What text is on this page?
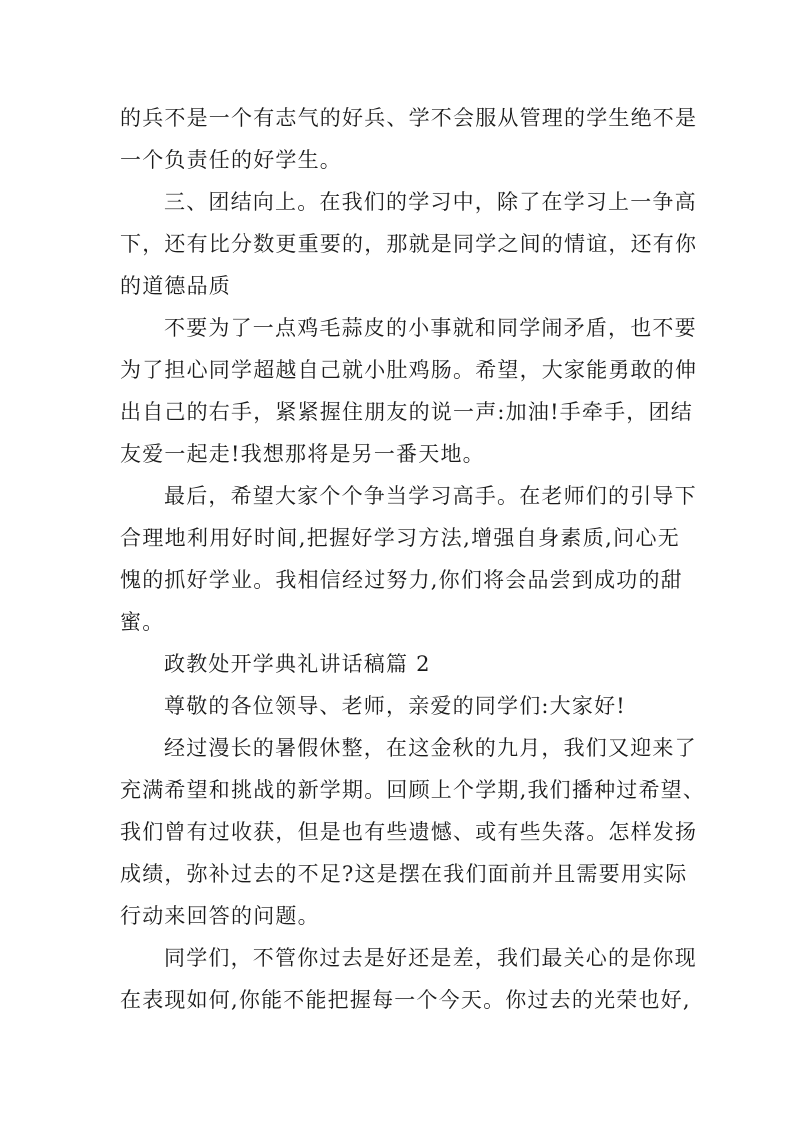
的兵不是一个有志气的好兵、学不会服从管理的学生绝不是
一个负责任的好学生。
三、团结向上。在我们的学习中，除了在学习上一争高
下，还有比分数更重要的，那就是同学之间的情谊，还有你
的道德品质
不要为了一点鸡毛蒜皮的小事就和同学闹矛盾，也不要
为了担心同学超越自己就小肚鸡肠。希望，大家能勇敢的伸
出自己的右手，紧紧握住朋友的说一声:加油!手牵手，团结
友爱一起走!我想那将是另一番天地。
最后，希望大家个个争当学习高手。在老师们的引导下
合理地利用好时间,把握好学习方法,增强自身素质,问心无
愧的抓好学业。我相信经过努力,你们将会品尝到成功的甜
蜜。
政教处开学典礼讲话稿篇 2
尊敬的各位领导、老师，亲爱的同学们:大家好!
经过漫长的暑假休整，在这金秋的九月，我们又迎来了
充满希望和挑战的新学期。回顾上个学期,我们播种过希望、
我们曾有过收获，但是也有些遗憾、或有些失落。怎样发扬
成绩，弥补过去的不足?这是摆在我们面前并且需要用实际
行动来回答的问题。
同学们，不管你过去是好还是差，我们最关心的是你现
在表现如何,你能不能把握每一个今天。你过去的光荣也好,
